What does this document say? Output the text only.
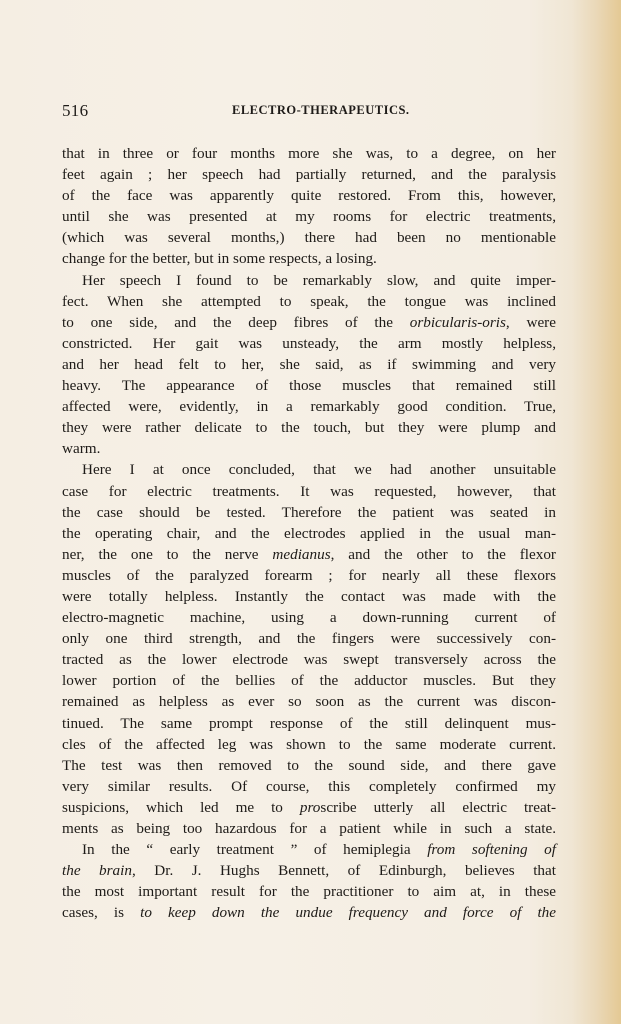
516	ELECTRO-THERAPEUTICS.
that in three or four months more she was, to a degree, on her
feet again ; her speech had partially returned, and the paralysis
of the face was apparently quite restored. From this, however,
until she was presented at my rooms for electric treatments,
(which was several months,) there had been no mentionable
change for the better, but in some respects, a losing.
Her speech I found to be remarkably slow, and quite imper-
fect. When she attempted to speak, the tongue was inclined
to one side, and the deep fibres of the orbicularis-oris, were
constricted. Her gait was unsteady, the arm mostly helpless,
and her head felt to her, she said, as if swimming and very
heavy. The appearance of those muscles that remained still
affected were, evidently, in a remarkably good condition. True,
they were rather delicate to the touch, but they were plump and
warm.
Here I at once concluded, that we had another unsuitable
case for electric treatments. It was requested, however, that
the case should be tested. Therefore the patient was seated in
the operating chair, and the electrodes applied in the usual man-
ner, the one to the nerve medianus, and the other to the flexor
muscles of the paralyzed forearm ; for nearly all these flexors
were totally helpless. Instantly the contact was made with the
electro-magnetic machine, using a down-running current of
only one third strength, and the fingers were successively con-
tracted as the lower electrode was swept transversely across the
lower portion of the bellies of the adductor muscles. But they
remained as helpless as ever so soon as the current was discon-
tinued. The same prompt response of the still delinquent mus-
cles of the affected leg was shown to the same moderate current.
The test was then removed to the sound side, and there gave
very similar results. Of course, this completely confirmed my
suspicions, which led me to proscribe utterly all electric treat-
ments as being too hazardous for a patient while in such a state.
In the “ early treatment ” of hemiplegia from softening of
the brain, Dr. J. Hughs Bennett, of Edinburgh, believes that
the most important result for the practitioner to aim at, in these
cases, is to keep down the undue frequency and force of the
